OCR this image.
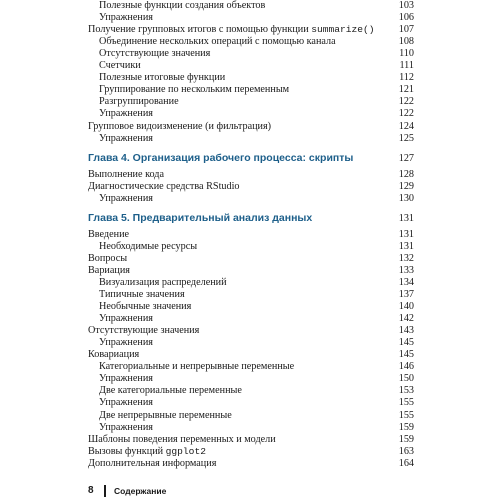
Полезные функции создания объектов	103
Упражнения	106
Получение групповых итогов с помощью функции summarize() 107
Объединение нескольких операций с помощью канала	108
Отсутствующие значения	110
Счетчики	111
Полезные итоговые функции	112
Группирование по нескольким переменным	121
Разгруппирование	122
Упражнения	122
Групповое видоизменение (и фильтрация)	124
Упражнения	125
Глава 4. Организация рабочего процесса: скрипты	127
Выполнение кода	128
Диагностические средства RStudio	129
Упражнения	130
Глава 5. Предварительный анализ данных	131
Введение	131
Необходимые ресурсы	131
Вопросы	132
Вариация	133
Визуализация распределений	134
Типичные значения	137
Необычные значения	140
Упражнения	142
Отсутствующие значения	143
Упражнения	145
Ковариация	145
Категориальные и непрерывные переменные	146
Упражнения	150
Две категориальные переменные	153
Упражнения	155
Две непрерывные переменные	155
Упражнения	159
Шаблоны поведения переменных и модели	159
Вызовы функций ggplot2	163
Дополнительная информация	164
8 Содержание
